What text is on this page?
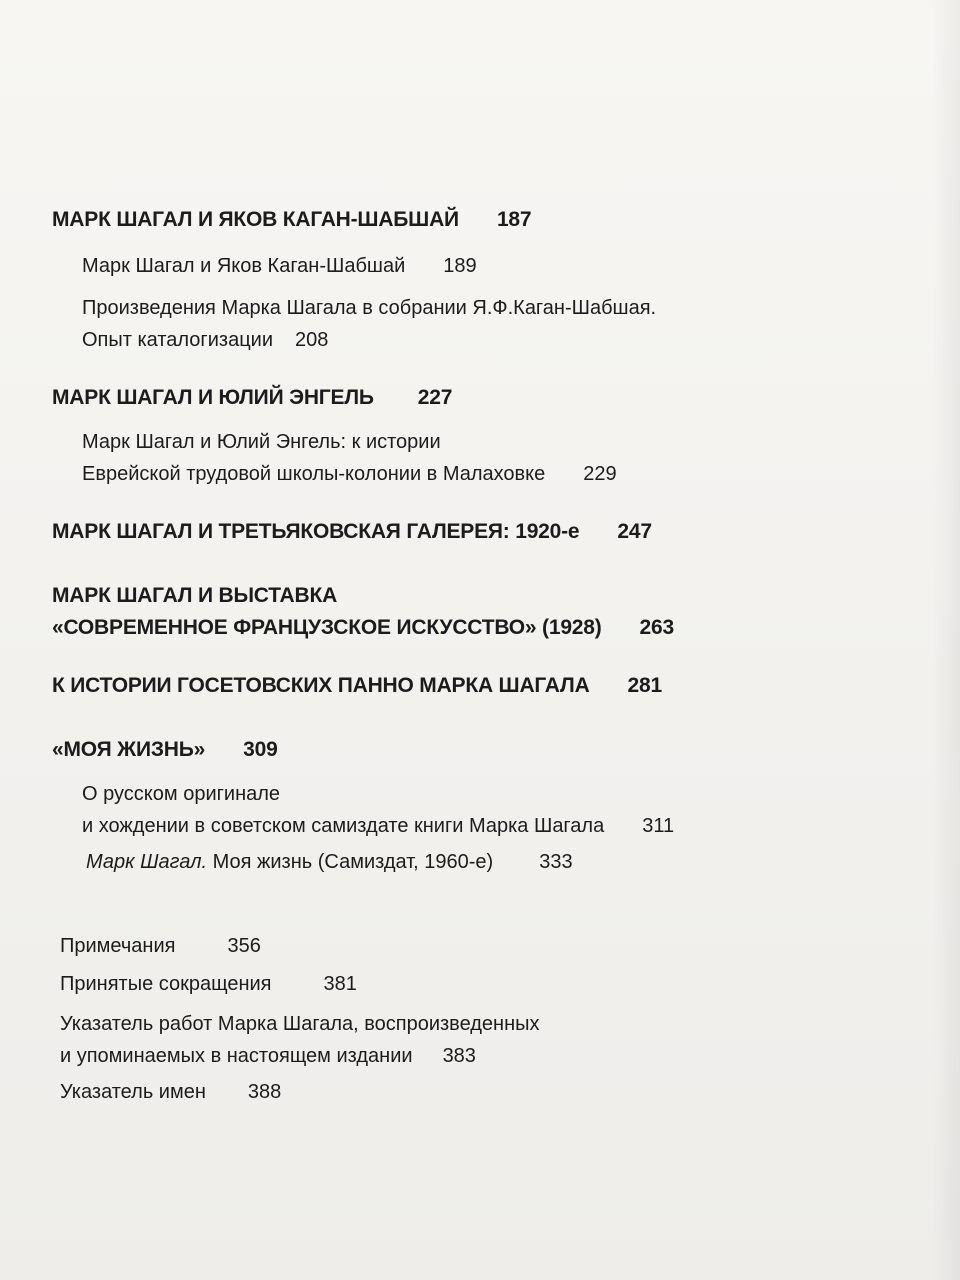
МАРК ШАГАЛ И ЯКОВ КАГАН-ШАБШАЙ 187
Марк Шагал и Яков Каган-Шабшай 189
Произведения Марка Шагала в собрании Я.Ф.Каган-Шабшая.
Опыт каталогизации 208
МАРК ШАГАЛ И ЮЛИЙ ЭНГЕЛЬ 227
Марк Шагал и Юлий Энгель: к истории
Еврейской трудовой школы-колонии в Малаховке 229
МАРК ШАГАЛ И ТРЕТЬЯКОВСКАЯ ГАЛЕРЕЯ: 1920-е 247
МАРК ШАГАЛ И ВЫСТАВКА
«СОВРЕМЕННОЕ ФРАНЦУЗСКОЕ ИСКУССТВО» (1928) 263
К ИСТОРИИ ГОСЕТОВСКИХ ПАННО МАРКА ШАГАЛА 281
«МОЯ ЖИЗНЬ» 309
О русском оригинале
и хождении в советском самиздате книги Марка Шагала 311
Марк Шагал. Моя жизнь (Самиздат, 1960-е) 333
Примечания	356
Принятые сокращения	381
Указатель работ Марка Шагала, воспроизведенных
и упоминаемых в настоящем издании 383
Указатель имен 388
